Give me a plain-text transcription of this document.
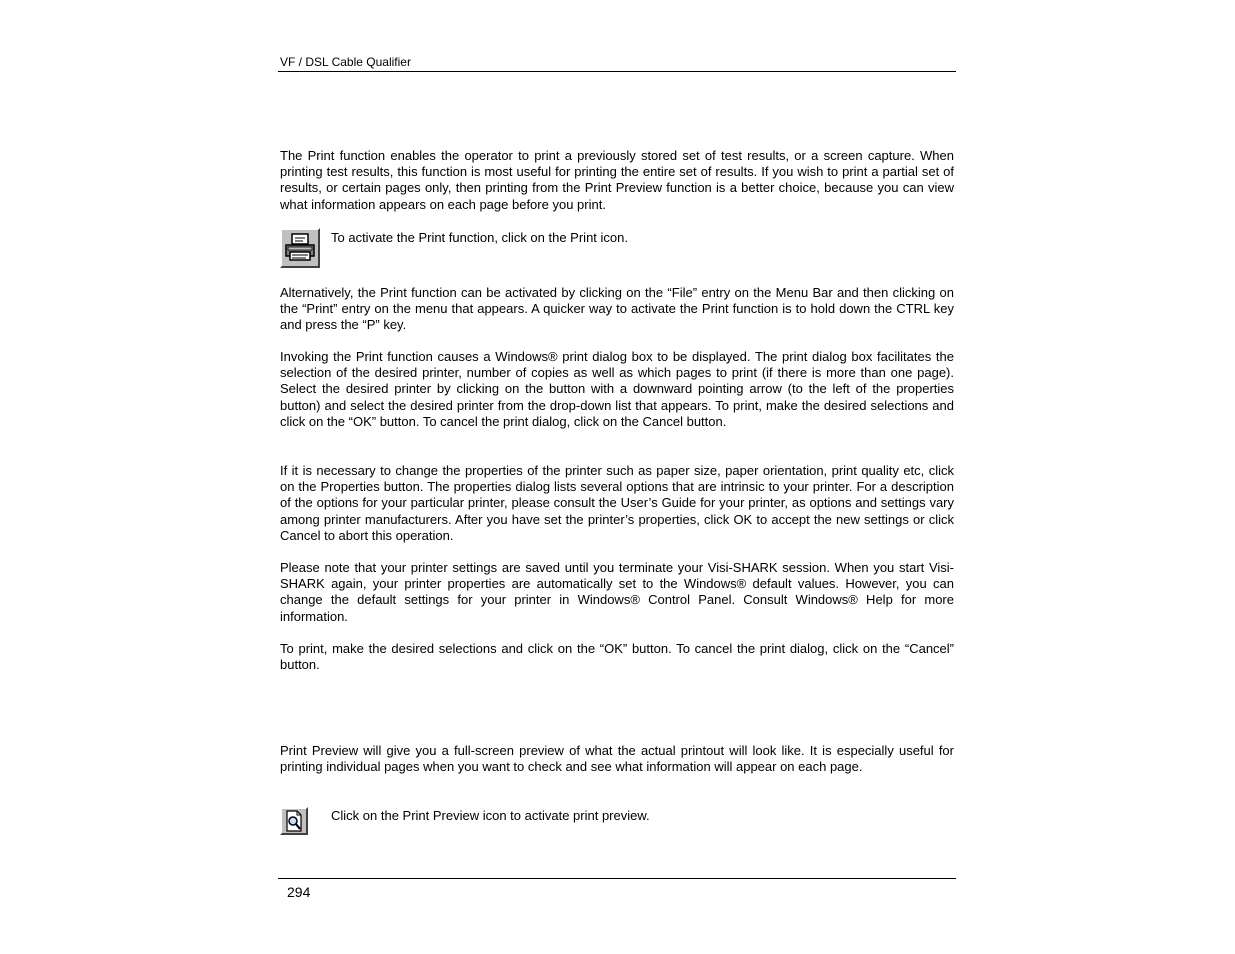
VF / DSL Cable Qualifier

The Print function enables the operator to print a previously stored set of test results, or a screen capture. When printing test results, this function is most useful for printing the entire set of results. If you wish to print a partial set of results, or certain pages only, then printing from the Print Preview function is a better choice, because you can view what information appears on each page before you print.

To activate the Print function, click on the Print icon.

Alternatively, the Print function can be activated by clicking on the “File” entry on the Menu Bar and then clicking on the “Print” entry on the menu that appears. A quicker way to activate the Print function is to hold down the CTRL key and press the “P” key.

Invoking the Print function causes a Windows® print dialog box to be displayed. The print dialog box facilitates the selection of the desired printer, number of copies as well as which pages to print (if there is more than one page). Select the desired printer by clicking on the button with a downward pointing arrow (to the left of the properties button) and select the desired printer from the drop-down list that appears. To print, make the desired selections and click on the “OK” button. To cancel the print dialog, click on the Cancel button.

If it is necessary to change the properties of the printer such as paper size, paper orientation, print quality etc, click on the Properties button. The properties dialog lists several options that are intrinsic to your printer. For a description of the options for your particular printer, please consult the User’s Guide for your printer, as options and settings vary among printer manufacturers. After you have set the printer’s properties, click OK to accept the new settings or click Cancel to abort this operation.

Please note that your printer settings are saved until you terminate your Visi-SHARK session. When you start Visi-SHARK again, your printer properties are automatically set to the Windows® default values. However, you can change the default settings for your printer in Windows® Control Panel. Consult Windows® Help for more information.

To print, make the desired selections and click on the “OK” button. To cancel the print dialog, click on the “Cancel” button.

Print Preview will give you a full-screen preview of what the actual printout will look like. It is especially useful for printing individual pages when you want to check and see what information will appear on each page.

Click on the Print Preview icon to activate print preview.
294
